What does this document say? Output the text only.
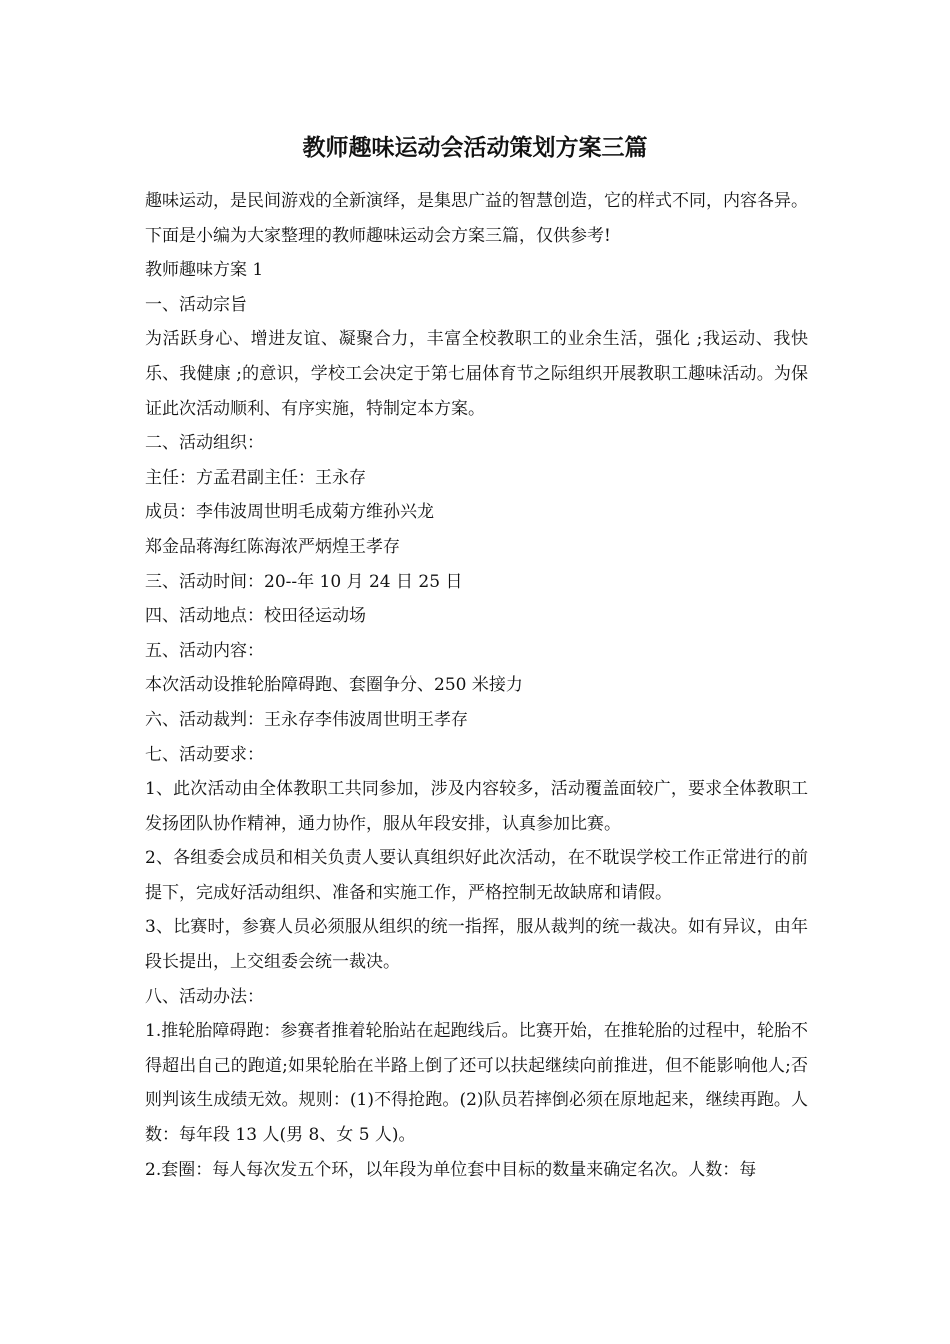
教师趣味运动会活动策划方案三篇

趣味运动，是民间游戏的全新演绎，是集思广益的智慧创造，它的样式不同，内容各异。下面是小编为大家整理的教师趣味运动会方案三篇，仅供参考!

教师趣味方案 1

一、活动宗旨

为活跃身心、增进友谊、凝聚合力，丰富全校教职工的业余生活，强化 ;我运动、我快乐、我健康 ;的意识，学校工会决定于第七届体育节之际组织开展教职工趣味活动。为保证此次活动顺利、有序实施，特制定本方案。

二、活动组织：

主任：方孟君副主任：王永存

成员：李伟波周世明毛成菊方维孙兴龙

郑金品蒋海红陈海浓严炳煌王孝存

三、活动时间：20--年 10 月 24 日 25 日

四、活动地点：校田径运动场

五、活动内容：

本次活动设推轮胎障碍跑、套圈争分、250 米接力

六、活动裁判：王永存李伟波周世明王孝存

七、活动要求：

1、此次活动由全体教职工共同参加，涉及内容较多，活动覆盖面较广，要求全体教职工发扬团队协作精神，通力协作，服从年段安排，认真参加比赛。

2、各组委会成员和相关负责人要认真组织好此次活动，在不耽误学校工作正常进行的前提下，完成好活动组织、准备和实施工作，严格控制无故缺席和请假。

3、比赛时，参赛人员必须服从组织的统一指挥，服从裁判的统一裁决。如有异议，由年段长提出，上交组委会统一裁决。

八、活动办法：

1.推轮胎障碍跑：参赛者推着轮胎站在起跑线后。比赛开始，在推轮胎的过程中，轮胎不得超出自己的跑道;如果轮胎在半路上倒了还可以扶起继续向前推进，但不能影响他人;否则判该生成绩无效。规则：(1)不得抢跑。(2)队员若摔倒必须在原地起来，继续再跑。人数：每年段 13 人(男 8、女 5 人)。

2.套圈：每人每次发五个环，以年段为单位套中目标的数量来确定名次。人数：每
